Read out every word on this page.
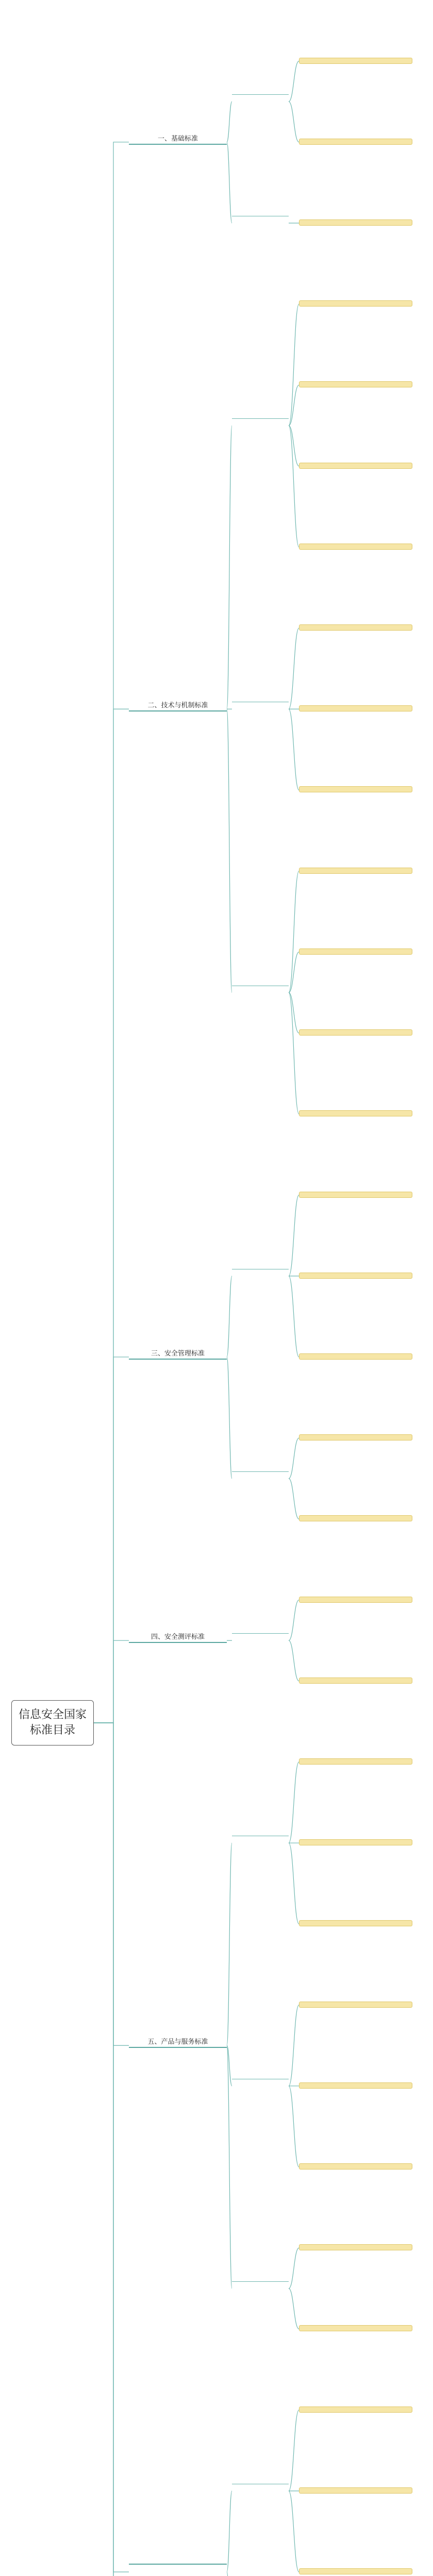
信息安全国家标准目录
一、基础标准
二、技术与机制标准
三、安全管理标准
四、安全测评标准
五、产品与服务标准
